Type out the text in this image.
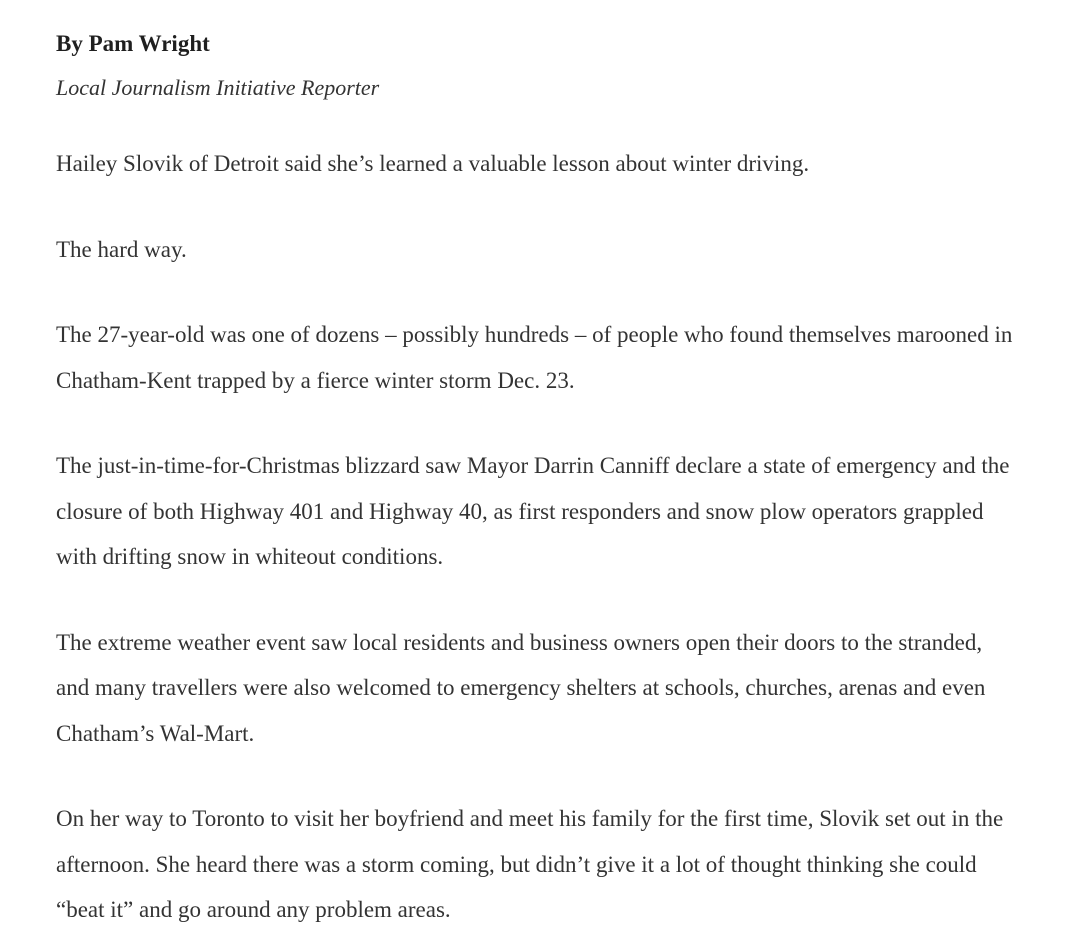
By Pam Wright

Local Journalism Initiative Reporter

Hailey Slovik of Detroit said she’s learned a valuable lesson about winter driving.

The hard way.

The 27-year-old was one of dozens – possibly hundreds – of people who found themselves marooned in Chatham-Kent trapped by a fierce winter storm Dec. 23.

The just-in-time-for-Christmas blizzard saw Mayor Darrin Canniff declare a state of emergency and the closure of both Highway 401 and Highway 40, as first responders and snow plow operators grappled with drifting snow in whiteout conditions.

The extreme weather event saw local residents and business owners open their doors to the stranded, and many travellers were also welcomed to emergency shelters at schools, churches, arenas and even Chatham’s Wal-Mart.

On her way to Toronto to visit her boyfriend and meet his family for the first time, Slovik set out in the afternoon. She heard there was a storm coming, but didn’t give it a lot of thought thinking she could “beat it” and go around any problem areas.
